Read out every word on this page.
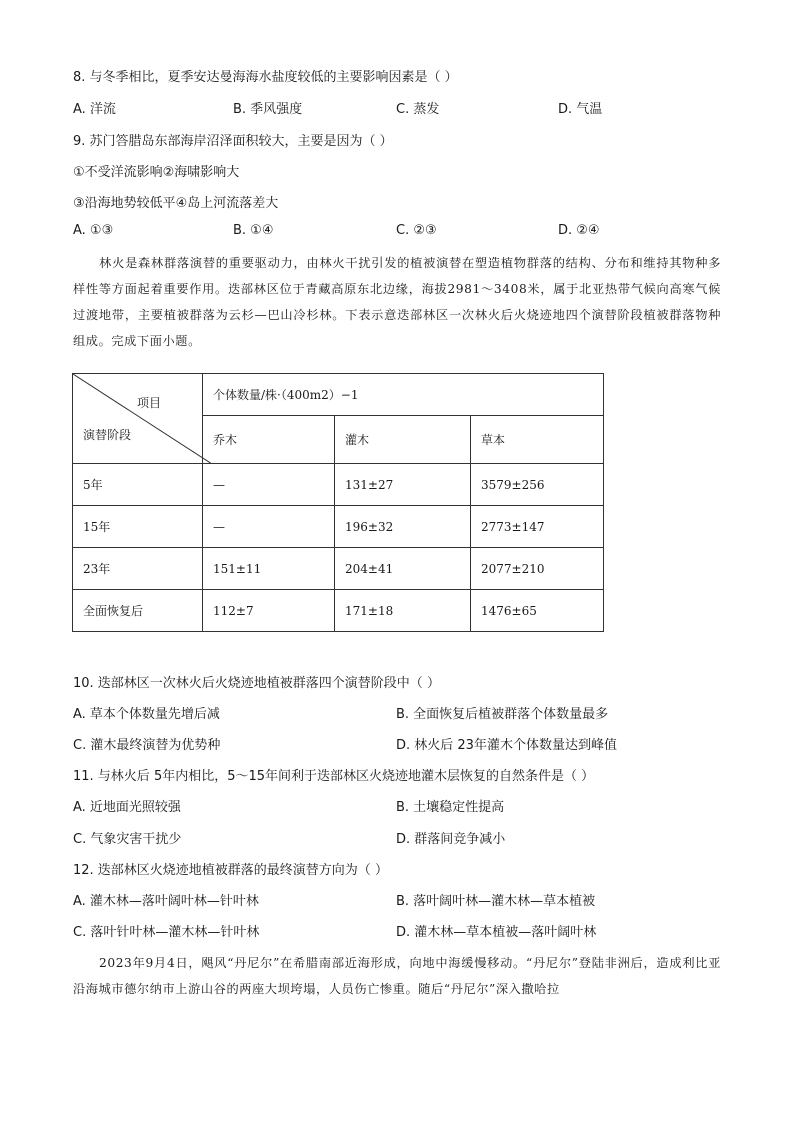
8. 与冬季相比，夏季安达曼海海水盐度较低的主要影响因素是（ ）
A. 洋流	B. 季风强度	C. 蒸发	D. 气温
9. 苏门答腊岛东部海岸沼泽面积较大，主要是因为（ ）
①不受洋流影响②海啸影响大
③沿海地势较低平④岛上河流落差大
A. ①③	B. ①④	C. ②③	D. ②④
林火是森林群落演替的重要驱动力，由林火干扰引发的植被演替在塑造植物群落的结构、分布和维持其物种多样性等方面起着重要作用。迭部林区位于青藏高原东北边缘，海拔2981～3408米，属于北亚热带气候向高寒气候过渡地带，主要植被群落为云杉—巴山冷杉林。下表示意迭部林区一次林火后火烧迹地四个演替阶段植被群落物种组成。完成下面小题。
项目
演替阶段	个体数量/株·（400m2）−1		
	乔木	灌木	草本
5年	—	131±27	3579±256
15年	—	196±32	2773±147
23年	151±11	204±41	2077±210
全面恢复后	112±7	171±18	1476±65
10. 迭部林区一次林火后火烧迹地植被群落四个演替阶段中（ ）
A. 草本个体数量先增后减	B. 全面恢复后植被群落个体数量最多
C. 灌木最终演替为优势种	D. 林火后 23年灌木个体数量达到峰值
11. 与林火后 5年内相比，5～15年间利于迭部林区火烧迹地灌木层恢复的自然条件是（ ）
A. 近地面光照较强	B. 土壤稳定性提高
C. 气象灾害干扰少	D. 群落间竞争减小
12. 迭部林区火烧迹地植被群落的最终演替方向为（ ）
A. 灌木林—落叶阔叶林—针叶林	B. 落叶阔叶林—灌木林—草本植被
C. 落叶针叶林—灌木林—针叶林	D. 灌木林—草本植被—落叶阔叶林
2023年9月4日，飓风“丹尼尔”在希腊南部近海形成，向地中海缓慢移动。“丹尼尔”登陆非洲后，造成利比亚沿海城市德尔纳市上游山谷的两座大坝垮塌，人员伤亡惨重。随后“丹尼尔”深入撒哈拉
